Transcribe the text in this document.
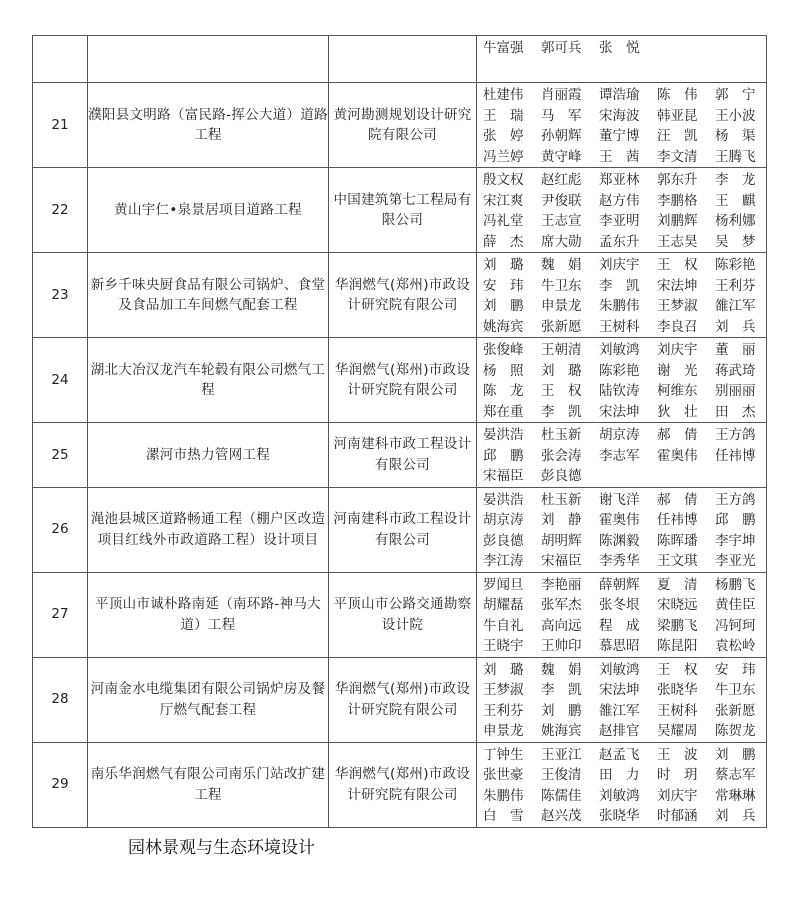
			牛富强 郭可兵 张　悦

21	濮阳县文明路（富民路-挥公大道）道路工程	黄河勘测规划设计研究院有限公司	杜建伟 肖丽霞 谭浩瑜 陈　伟 郭　宁
王　瑞 马　军 宋海波 韩亚昆 王小波
张　婷 孙朝辉 董宁博 汪　凯 杨　渠
冯兰婷 黄守峰 王　茜 李文清 王腾飞

22	黄山宇仁•泉景居项目道路工程	中国建筑第七工程局有限公司	殷文权 赵红彪 郑亚林 郭东升 李　龙
宋江爽 尹俊联 赵方伟 李鹏格 王　麒
冯礼堂 王志宣 李亚明 刘鹏辉 杨利娜
薛　杰 席大勋 孟东升 王志昊 吴　梦

23	新乡千味央厨食品有限公司锅炉、食堂及食品加工车间燃气配套工程	华润燃气(郑州)市政设计研究院有限公司	刘　璐 魏　娟 刘庆宇 王　权 陈彩艳
安　玮 牛卫东 李　凯 宋法坤 王利芬
刘　鹏 申景龙 朱鹏伟 王梦淑 雒江军
姚海宾 张新愿 王树科 李良召 刘　兵

24	湖北大冶汉龙汽车轮毂有限公司燃气工程	华润燃气(郑州)市政设计研究院有限公司	张俊峰 王朝清 刘敏鸿 刘庆宇 董　丽
杨　照 刘　璐 陈彩艳 谢　光 蒋武琦
陈　龙 王　权 陆钦涛 柯维东 别丽丽
郑在重 李　凯 宋法坤 狄　壮 田　杰

25	漯河市热力管网工程	河南建科市政工程设计有限公司	晏洪浩 杜玉新 胡京涛 郝　倩 王方鸽
邱　鹏 张会涛 李志军 霍奥伟 任祎博
宋福臣 彭良德

26	渑池县城区道路畅通工程（棚户区改造项目红线外市政道路工程）设计项目	河南建科市政工程设计有限公司	晏洪浩 杜玉新 谢飞洋 郝　倩 王方鸽
胡京涛 刘　静 霍奥伟 任祎博 邱　鹏
彭良德 胡明辉 陈渊毅 陈晖璠 李宇坤
李江涛 宋福臣 李秀华 王文琪 李亚光

27	平顶山市诚朴路南延（南环路-神马大道）工程	平顶山市公路交通勘察设计院	罗闻旦 李艳丽 薛朝辉 夏　清 杨鹏飞
胡耀磊 张军杰 张冬垠 宋晓远 黄佳臣
牛自礼 高向远 程　成 梁鹏飞 冯钶珂
王晓宇 王帅印 慕思昭 陈昆阳 袁松岭

28	河南金水电缆集团有限公司锅炉房及餐厅燃气配套工程	华润燃气(郑州)市政设计研究院有限公司	刘　璐 魏　娟 刘敏鸿 王　权 安　玮
王梦淑 李　凯 宋法坤 张晓华 牛卫东
王利芬 刘　鹏 雒江军 王树科 张新愿
申景龙 姚海宾 赵排官 吴耀周 陈贺龙

29	南乐华润燃气有限公司南乐门站改扩建工程	华润燃气(郑州)市政设计研究院有限公司	丁钟生 王亚江 赵孟飞 王　波 刘　鹏
张世豪 王俊清 田　力 时　玥 蔡志军
朱鹏伟 陈儒佳 刘敏鸿 刘庆宇 常琳琳
白　雪 赵兴茂 张晓华 时郁涵 刘　兵
园林景观与生态环境设计
